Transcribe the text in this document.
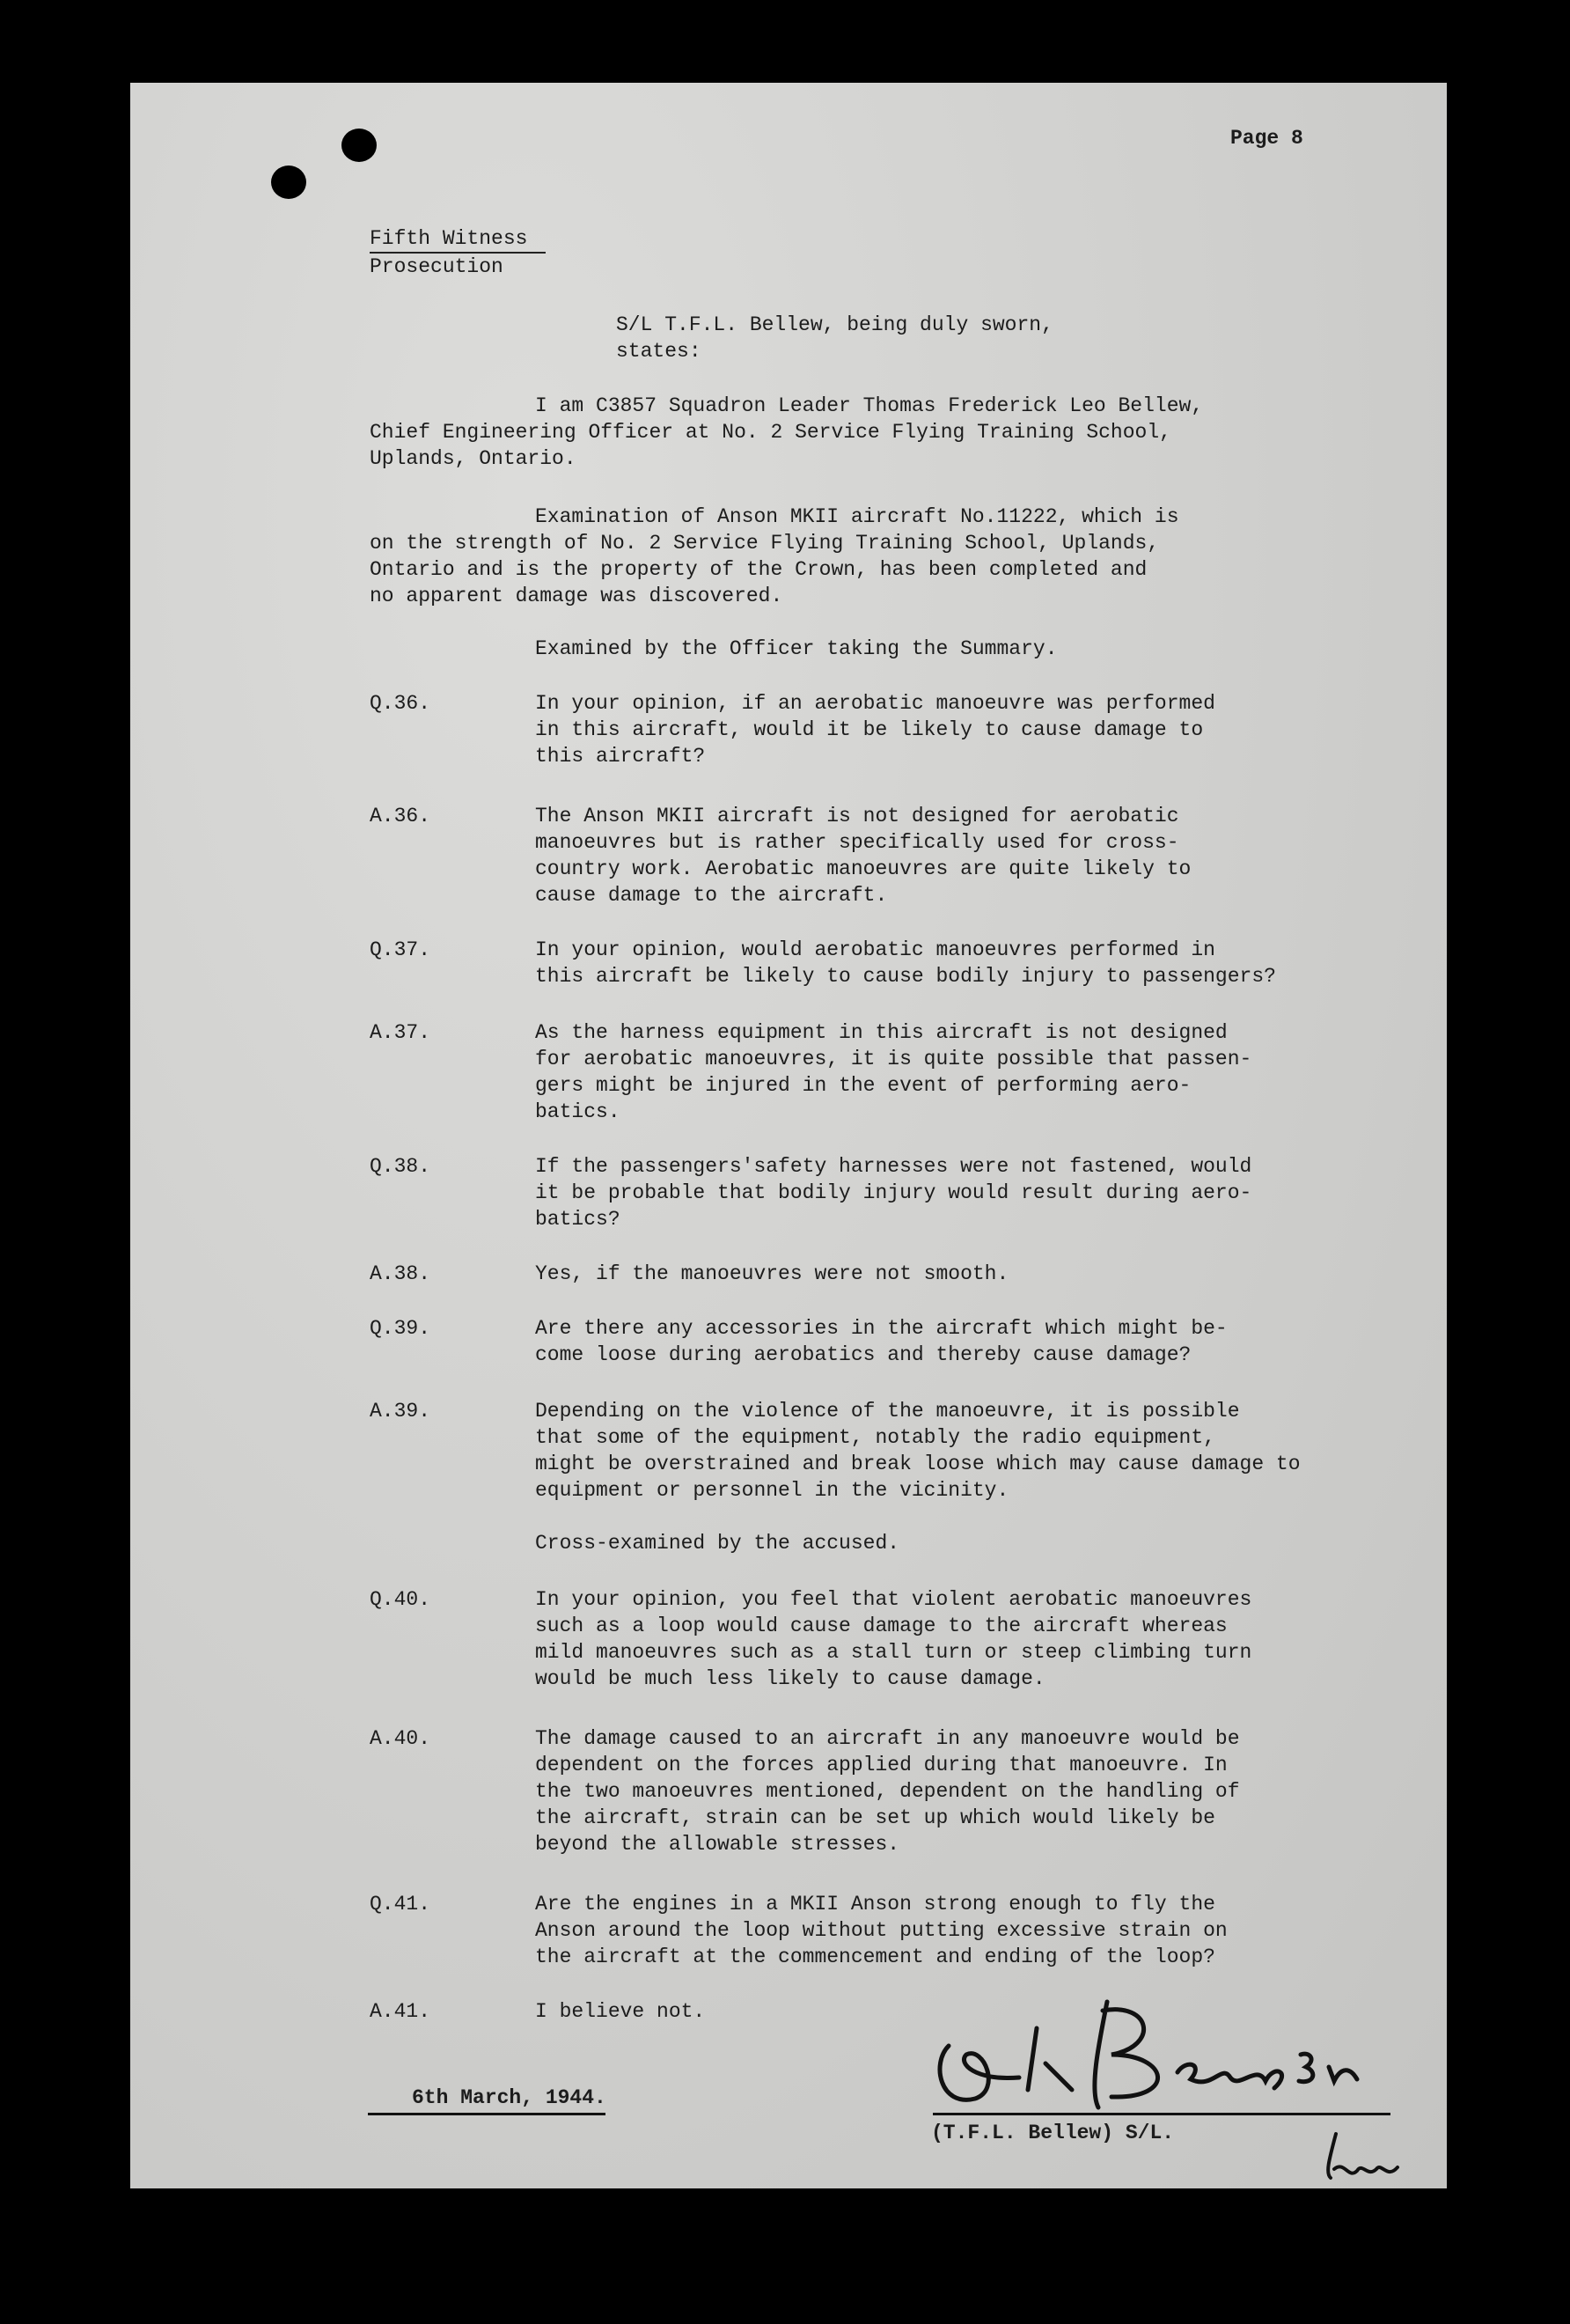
Page 8
Fifth Witness
Prosecution
S/L T.F.L. Bellew, being duly sworn,
states:
I am C3857 Squadron Leader Thomas Frederick Leo Bellew,
Chief Engineering Officer at No. 2 Service Flying Training School,
Uplands, Ontario.
Examination of Anson MKII aircraft No.11222, which is
on the strength of No. 2 Service Flying Training School, Uplands,
Ontario and is the property of the Crown, has been completed and
no apparent damage was discovered.
Examined by the Officer taking the Summary.
Q.36.	In your opinion, if an aerobatic manoeuvre was performed
in this aircraft, would it be likely to cause damage to
this aircraft?
A.36.	The Anson MKII aircraft is not designed for aerobatic
manoeuvres but is rather specifically used for cross-
country work. Aerobatic manoeuvres are quite likely to
cause damage to the aircraft.
Q.37.	In your opinion, would aerobatic manoeuvres performed in
this aircraft be likely to cause bodily injury to passengers?
A.37.	As the harness equipment in this aircraft is not designed
for aerobatic manoeuvres, it is quite possible that passen-
gers might be injured in the event of performing aero-
batics.
Q.38.	If the passengers'safety harnesses were not fastened, would
it be probable that bodily injury would result during aero-
batics?
A.38.	Yes, if the manoeuvres were not smooth.
Q.39.	Are there any accessories in the aircraft which might be-
come loose during aerobatics and thereby cause damage?
A.39.	Depending on the violence of the manoeuvre, it is possible
that some of the equipment, notably the radio equipment,
might be overstrained and break loose which may cause damage to
equipment or personnel in the vicinity.
Cross-examined by the accused.
Q.40.	In your opinion, you feel that violent aerobatic manoeuvres
such as a loop would cause damage to the aircraft whereas
mild manoeuvres such as a stall turn or steep climbing turn
would be much less likely to cause damage.
A.40.	The damage caused to an aircraft in any manoeuvre would be
dependent on the forces applied during that manoeuvre. In
the two manoeuvres mentioned, dependent on the handling of
the aircraft, strain can be set up which would likely be
beyond the allowable stresses.
Q.41.	Are the engines in a MKII Anson strong enough to fly the
Anson around the loop without putting excessive strain on
the aircraft at the commencement and ending of the loop?
A.41.	I believe not.
6th March, 1944.
(T.F.L. Bellew) S/L.
